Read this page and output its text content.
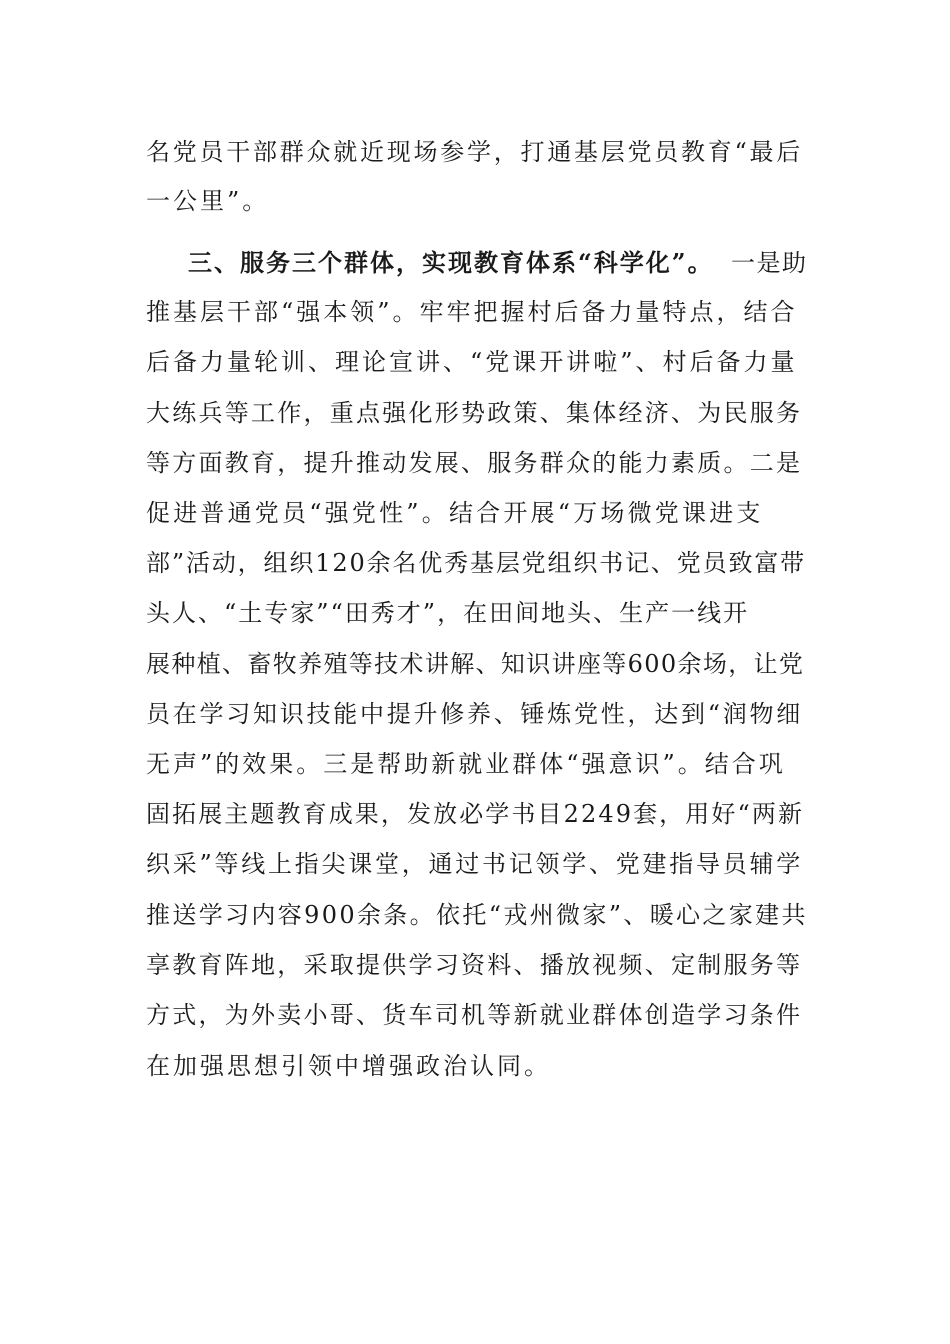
名党员干部群众就近现场参学，打通基层党员教育“最后
一公里”。
三、服务三个群体，实现教育体系“科学化”。 一是助
推基层干部“强本领”。牢牢把握村后备力量特点，结合
后备力量轮训、理论宣讲、“党课开讲啦”、村后备力量
大练兵等工作，重点强化形势政策、集体经济、为民服务
等方面教育，提升推动发展、服务群众的能力素质。二是
促进普通党员“强党性”。结合开展“万场微党课进支
部”活动，组织120余名优秀基层党组织书记、党员致富带
头人、“土专家”“田秀才”，在田间地头、生产一线开
展种植、畜牧养殖等技术讲解、知识讲座等600余场，让党
员在学习知识技能中提升修养、锤炼党性，达到“润物细
无声”的效果。三是帮助新就业群体“强意识”。结合巩
固拓展主题教育成果，发放必学书目2249套，用好“两新
织采”等线上指尖课堂，通过书记领学、党建指导员辅学
推送学习内容900余条。依托“戎州微家”、暖心之家建共
享教育阵地，采取提供学习资料、播放视频、定制服务等
方式，为外卖小哥、货车司机等新就业群体创造学习条件
在加强思想引领中增强政治认同。
